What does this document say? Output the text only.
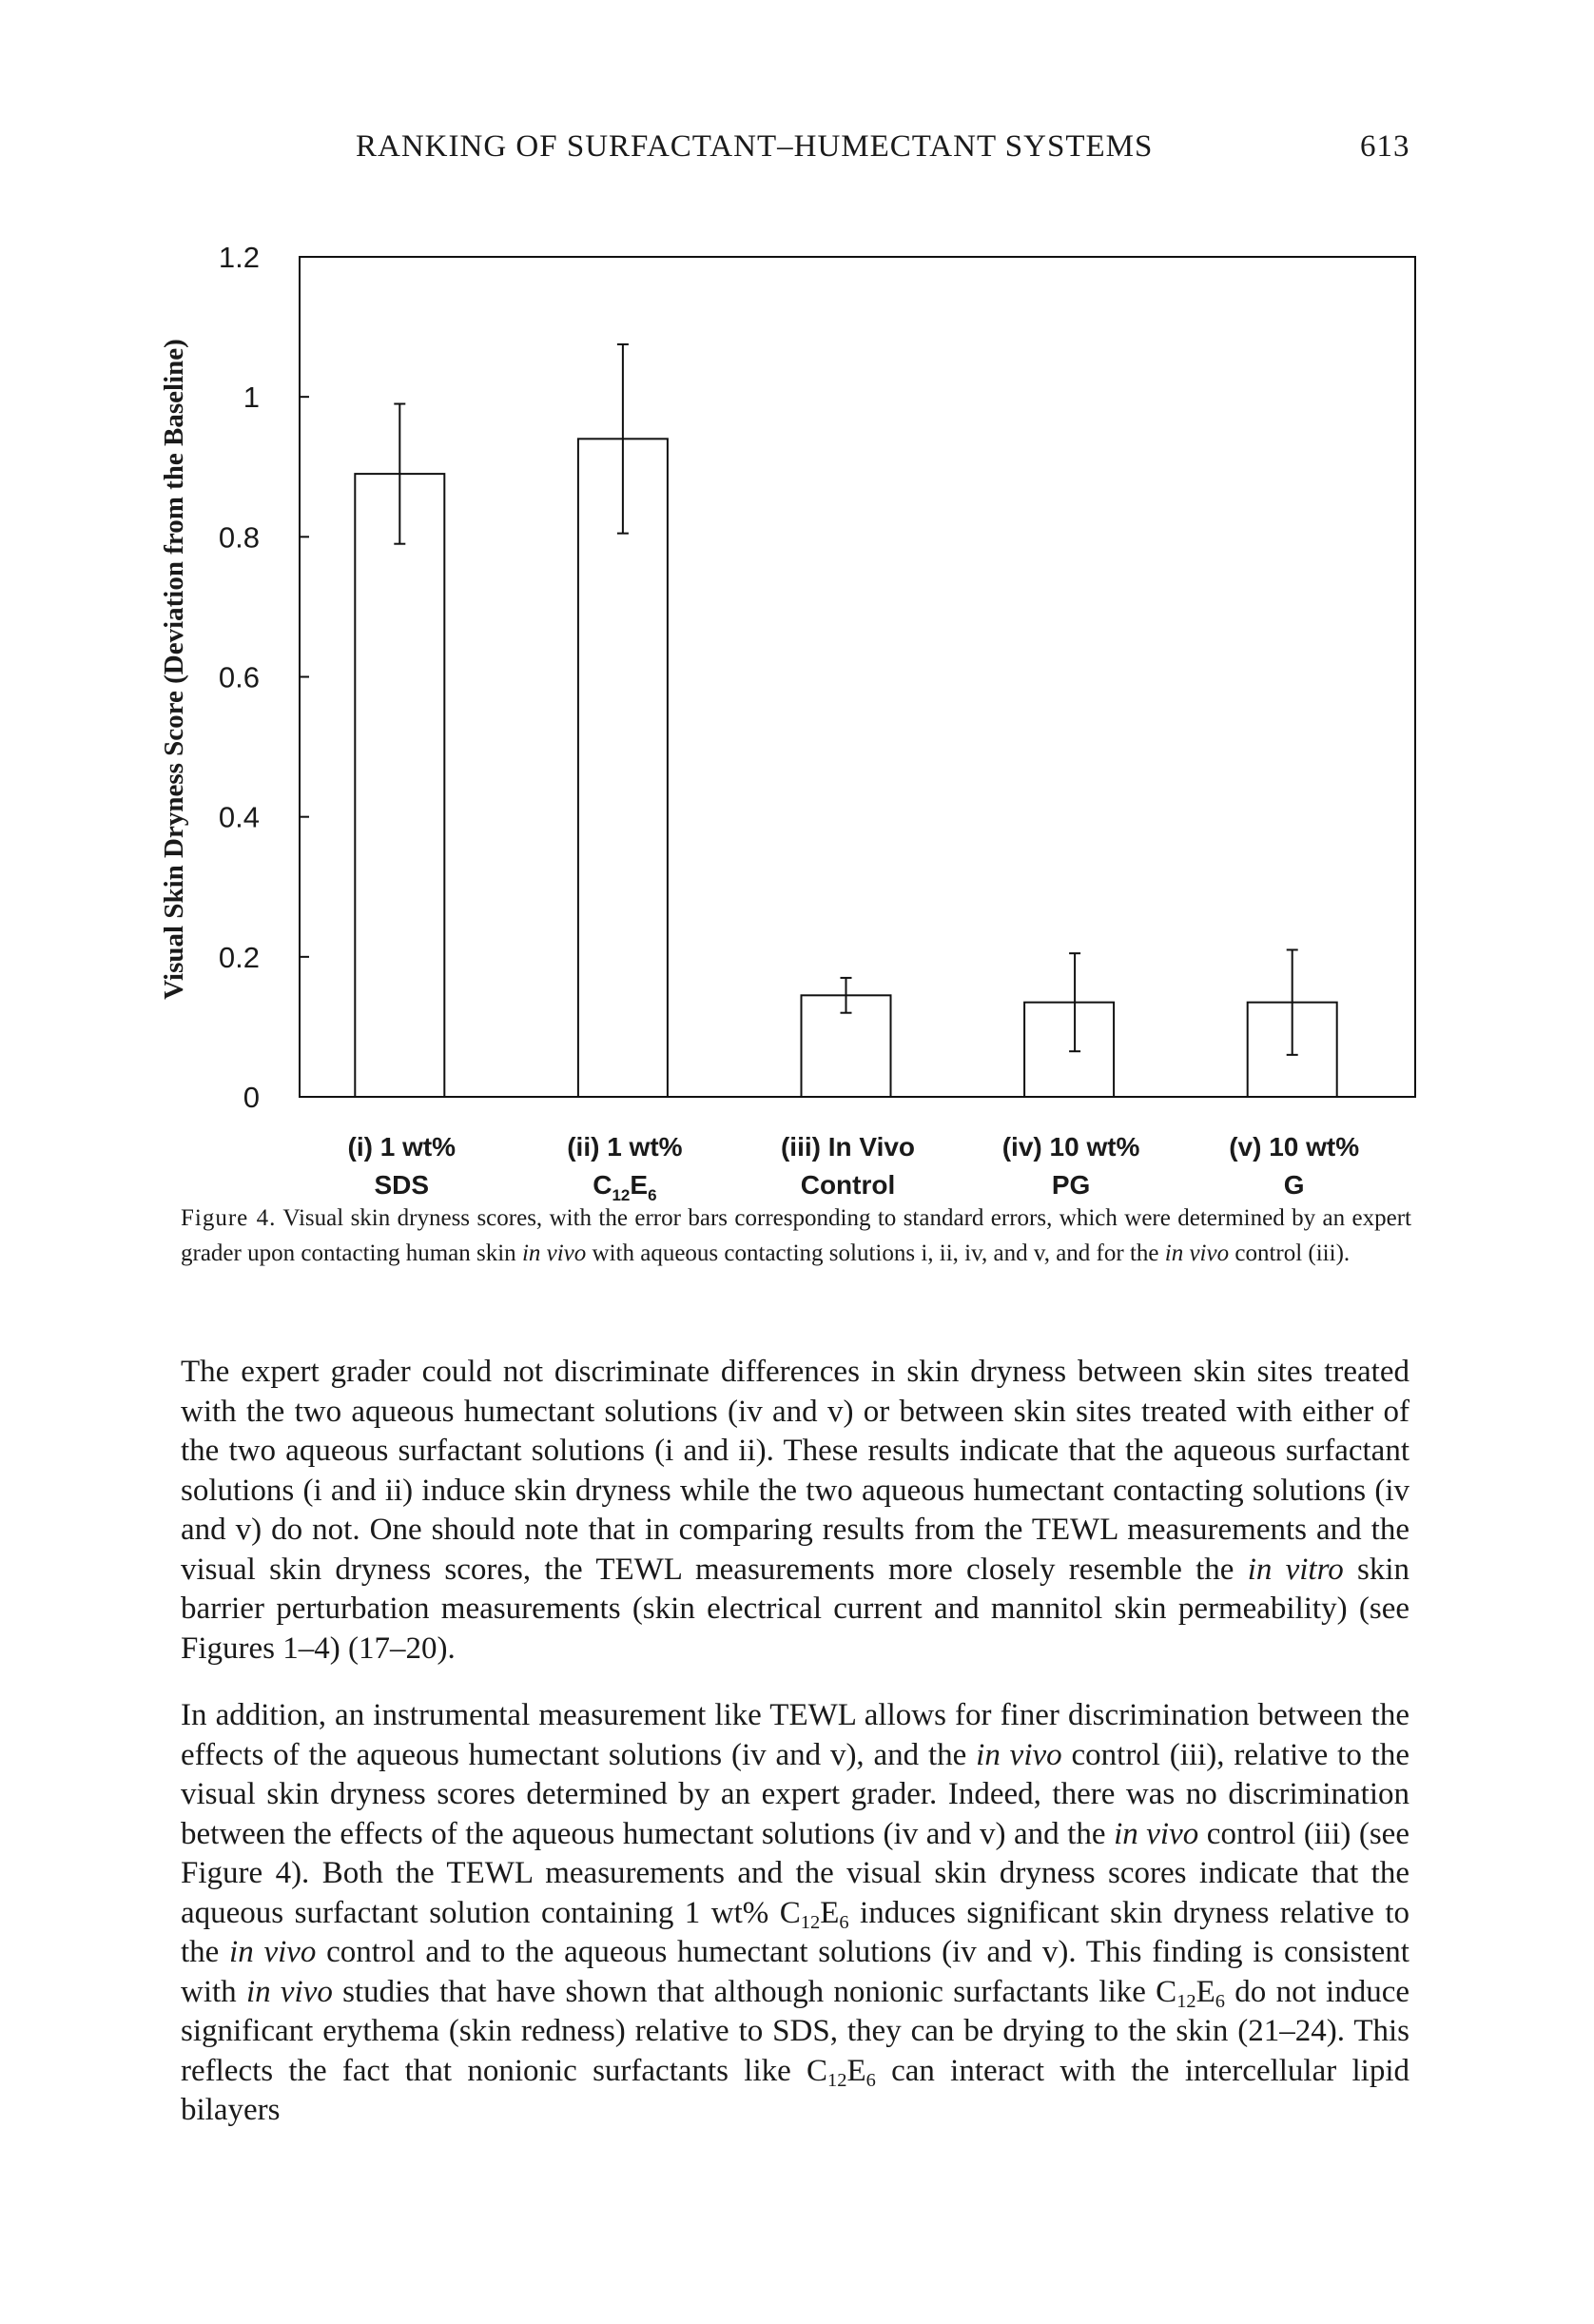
RANKING OF SURFACTANT–HUMECTANT SYSTEMS	613
Visual Skin Dryness Score (Deviation from the Baseline)
0
0.2
0.4
0.6
0.8
1
1.2
(i) 1 wt%
SDS
(ii) 1 wt%
$C_{12}E_6$
(iii) In Vivo
Control
(iv) 10 wt%
PG
(v) 10 wt%
G
Figure 4. Visual skin dryness scores, with the error bars corresponding to standard errors, which were determined by an expert grader upon contacting human skin in vivo with aqueous contacting solutions i, ii, iv, and v, and for the in vivo control (iii).
The expert grader could not discriminate differences in skin dryness between skin sites treated with the two aqueous humectant solutions (iv and v) or between skin sites treated with either of the two aqueous surfactant solutions (i and ii). These results indicate that the aqueous surfactant solutions (i and ii) induce skin dryness while the two aqueous humectant contacting solutions (iv and v) do not. One should note that in comparing results from the TEWL measurements and the visual skin dryness scores, the TEWL measurements more closely resemble the in vitro skin barrier perturbation measurements (skin electrical current and mannitol skin permeability) (see Figures 1–4) (17–20).
In addition, an instrumental measurement like TEWL allows for finer discrimination between the effects of the aqueous humectant solutions (iv and v), and the in vivo control (iii), relative to the visual skin dryness scores determined by an expert grader. Indeed, there was no discrimination between the effects of the aqueous humectant solutions (iv and v) and the in vivo control (iii) (see Figure 4). Both the TEWL measurements and the visual skin dryness scores indicate that the aqueous surfactant solution containing 1 wt% $C_{12}E_6$ induces significant skin dryness relative to the in vivo control and to the aqueous humectant solutions (iv and v). This finding is consistent with in vivo studies that have shown that although nonionic surfactants like $C_{12}E_6$ do not induce significant erythema (skin redness) relative to SDS, they can be drying to the skin (21–24). This reflects the fact that nonionic surfactants like $C_{12}E_6$ can interact with the intercellular lipid bilayers
